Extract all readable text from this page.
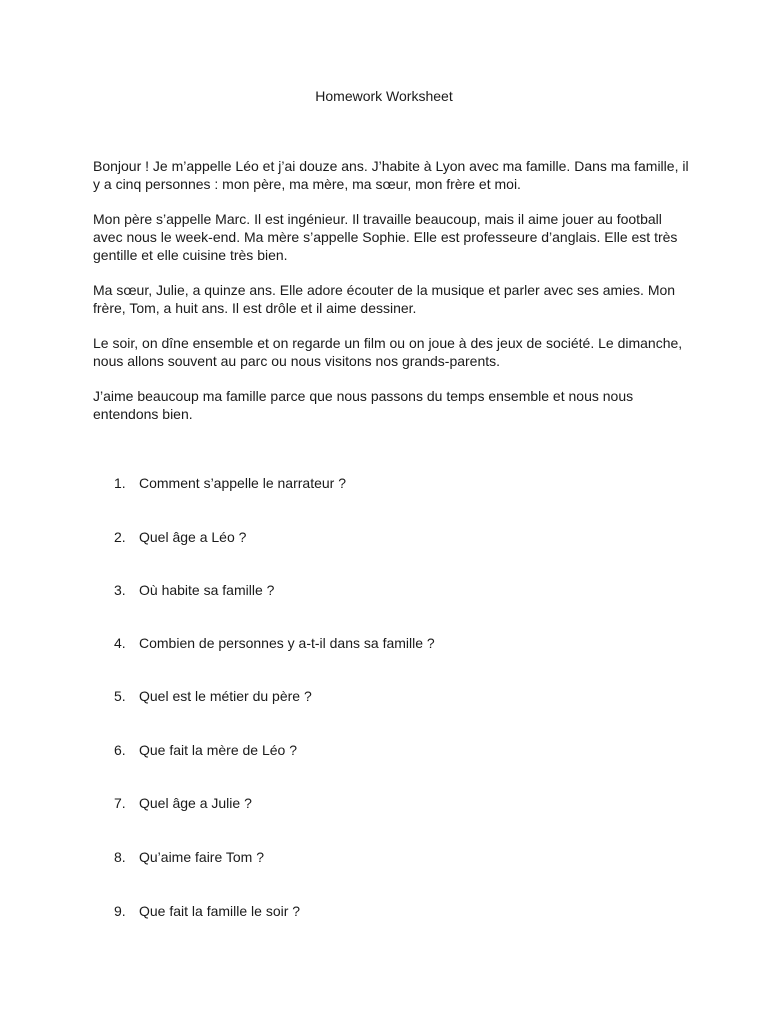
Homework Worksheet

Bonjour ! Je m’appelle Léo et j’ai douze ans. J’habite à Lyon avec ma famille. Dans ma famille, il y a cinq personnes : mon père, ma mère, ma sœur, mon frère et moi.

Mon père s’appelle Marc. Il est ingénieur. Il travaille beaucoup, mais il aime jouer au football avec nous le week-end. Ma mère s’appelle Sophie. Elle est professeure d’anglais. Elle est très gentille et elle cuisine très bien.

Ma sœur, Julie, a quinze ans. Elle adore écouter de la musique et parler avec ses amies. Mon frère, Tom, a huit ans. Il est drôle et il aime dessiner.

Le soir, on dîne ensemble et on regarde un film ou on joue à des jeux de société. Le dimanche, nous allons souvent au parc ou nous visitons nos grands-parents.

J’aime beaucoup ma famille parce que nous passons du temps ensemble et nous nous entendons bien.

1. Comment s’appelle le narrateur ?
2. Quel âge a Léo ?
3. Où habite sa famille ?
4. Combien de personnes y a-t-il dans sa famille ?
5. Quel est le métier du père ?
6. Que fait la mère de Léo ?
7. Quel âge a Julie ?
8. Qu’aime faire Tom ?
9. Que fait la famille le soir ?
